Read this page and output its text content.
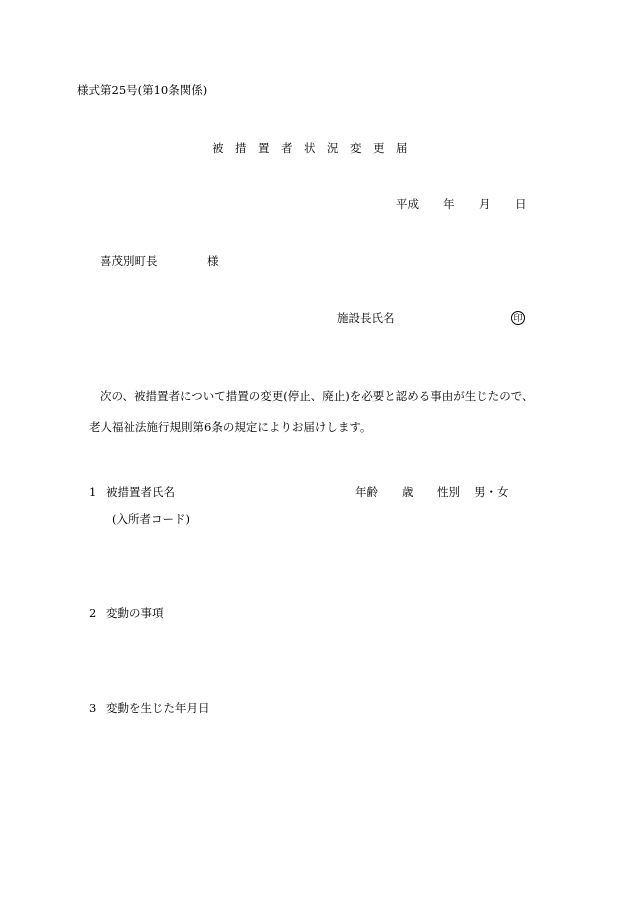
様式第25号(第10条関係)
被　措　置　者　状　況　変　更　届
平成 年 月 日
喜茂別町長	様
施設長氏名	印
次の、被措置者について措置の変更(停止、廃止)を必要と認める事由が生じたので、
老人福祉法施行規則第6条の規定によりお届けします。
1 被措置者氏名	年齢 歳 性別 男・女
(入所者コード)
2 変動の事項
3 変動を生じた年月日
